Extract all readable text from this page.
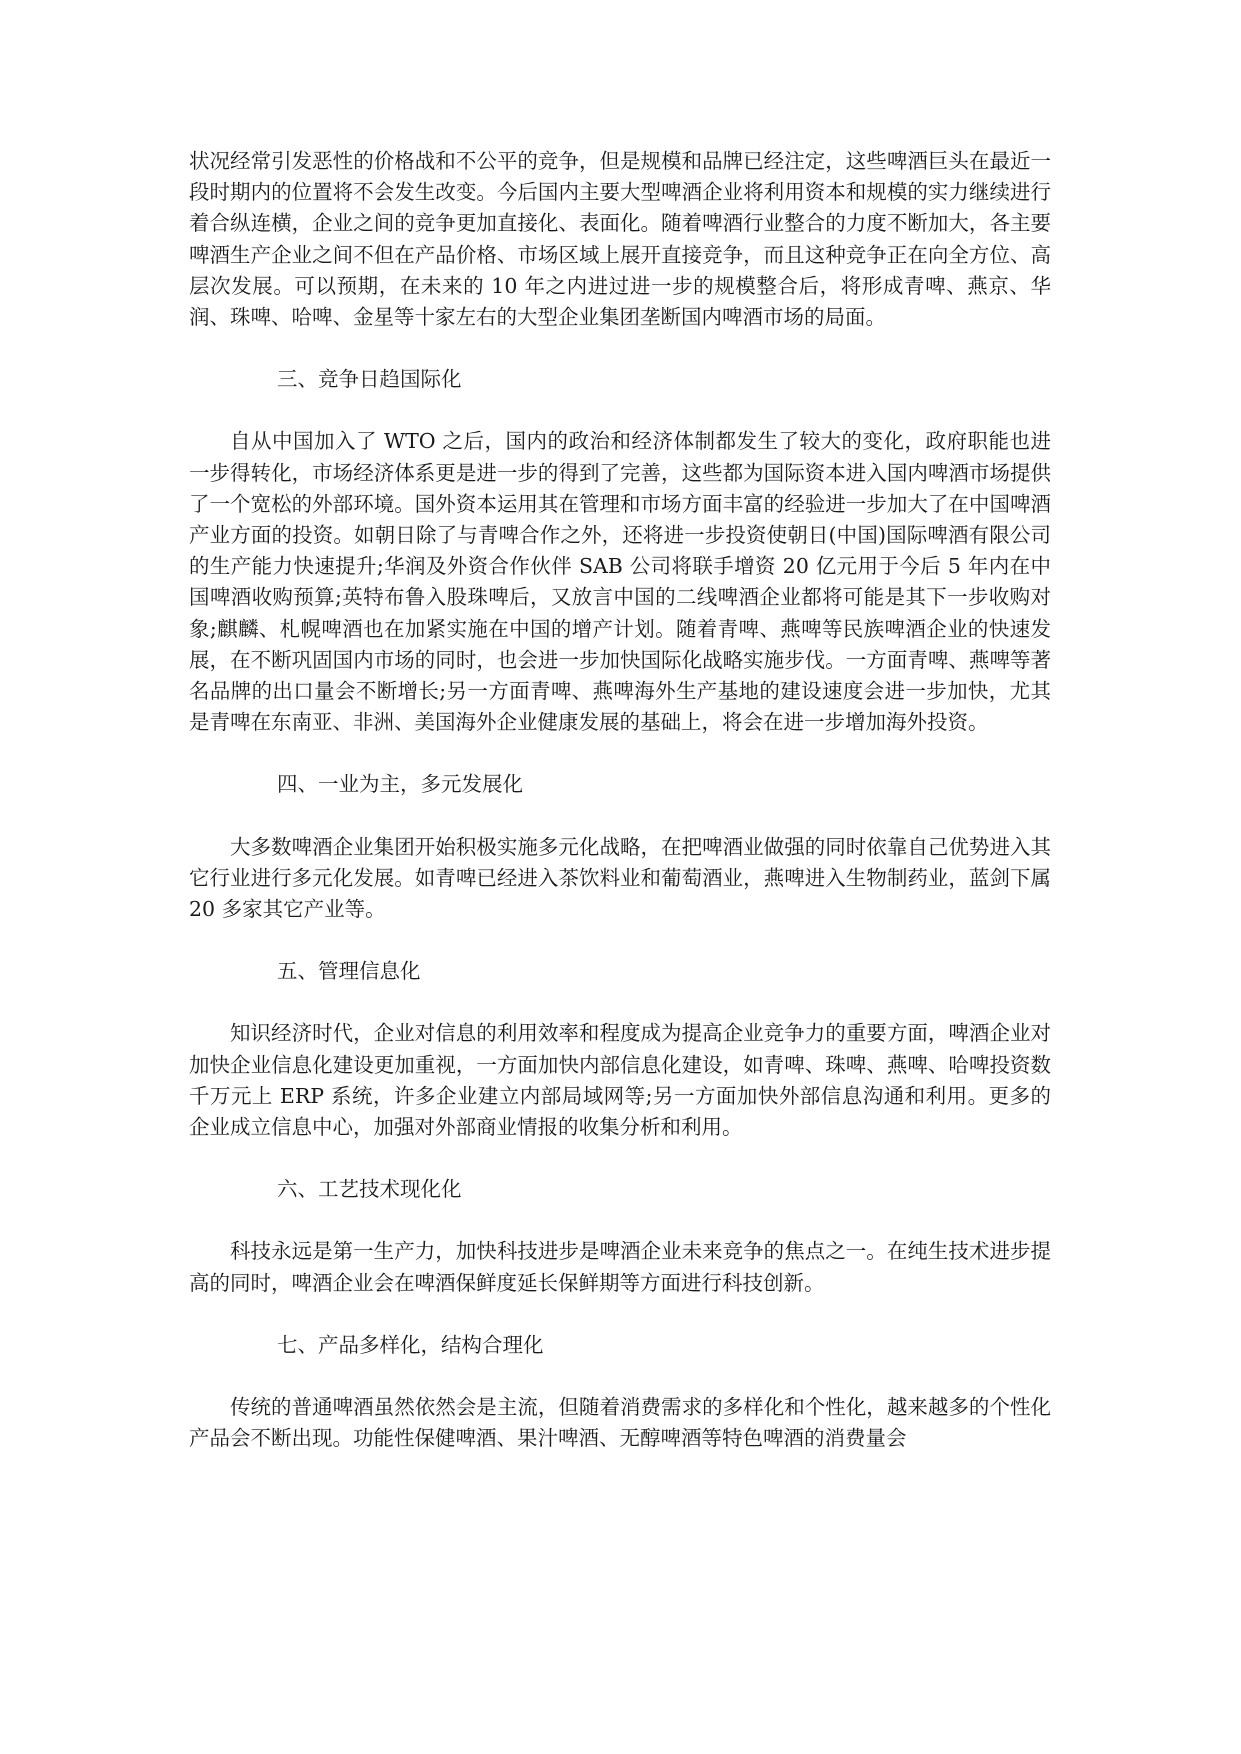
状况经常引发恶性的价格战和不公平的竞争，但是规模和品牌已经注定，这些啤酒巨头在最近一段时期内的位置将不会发生改变。今后国内主要大型啤酒企业将利用资本和规模的实力继续进行着合纵连横，企业之间的竞争更加直接化、表面化。随着啤酒行业整合的力度不断加大，各主要啤酒生产企业之间不但在产品价格、市场区域上展开直接竞争，而且这种竞争正在向全方位、高层次发展。可以预期，在未来的 10 年之内进过进一步的规模整合后，将形成青啤、燕京、华润、珠啤、哈啤、金星等十家左右的大型企业集团垄断国内啤酒市场的局面。

三、竞争日趋国际化

自从中国加入了 WTO 之后，国内的政治和经济体制都发生了较大的变化，政府职能也进一步得转化，市场经济体系更是进一步的得到了完善，这些都为国际资本进入国内啤酒市场提供了一个宽松的外部环境。国外资本运用其在管理和市场方面丰富的经验进一步加大了在中国啤酒产业方面的投资。如朝日除了与青啤合作之外，还将进一步投资使朝日(中国)国际啤酒有限公司的生产能力快速提升;华润及外资合作伙伴 SAB 公司将联手增资 20 亿元用于今后 5 年内在中国啤酒收购预算;英特布鲁入股珠啤后，又放言中国的二线啤酒企业都将可能是其下一步收购对象;麒麟、札幌啤酒也在加紧实施在中国的增产计划。随着青啤、燕啤等民族啤酒企业的快速发展，在不断巩固国内市场的同时，也会进一步加快国际化战略实施步伐。一方面青啤、燕啤等著名品牌的出口量会不断增长;另一方面青啤、燕啤海外生产基地的建设速度会进一步加快，尤其是青啤在东南亚、非洲、美国海外企业健康发展的基础上，将会在进一步增加海外投资。

四、一业为主，多元发展化

大多数啤酒企业集团开始积极实施多元化战略，在把啤酒业做强的同时依靠自己优势进入其它行业进行多元化发展。如青啤已经进入茶饮料业和葡萄酒业，燕啤进入生物制药业，蓝剑下属 20 多家其它产业等。

五、管理信息化

知识经济时代，企业对信息的利用效率和程度成为提高企业竞争力的重要方面，啤酒企业对加快企业信息化建设更加重视，一方面加快内部信息化建设，如青啤、珠啤、燕啤、哈啤投资数千万元上 ERP 系统，许多企业建立内部局域网等;另一方面加快外部信息沟通和利用。更多的企业成立信息中心，加强对外部商业情报的收集分析和利用。

六、工艺技术现化化

科技永远是第一生产力，加快科技进步是啤酒企业未来竞争的焦点之一。在纯生技术进步提高的同时，啤酒企业会在啤酒保鲜度延长保鲜期等方面进行科技创新。

七、产品多样化，结构合理化

传统的普通啤酒虽然依然会是主流，但随着消费需求的多样化和个性化，越来越多的个性化产品会不断出现。功能性保健啤酒、果汁啤酒、无醇啤酒等特色啤酒的消费量会
